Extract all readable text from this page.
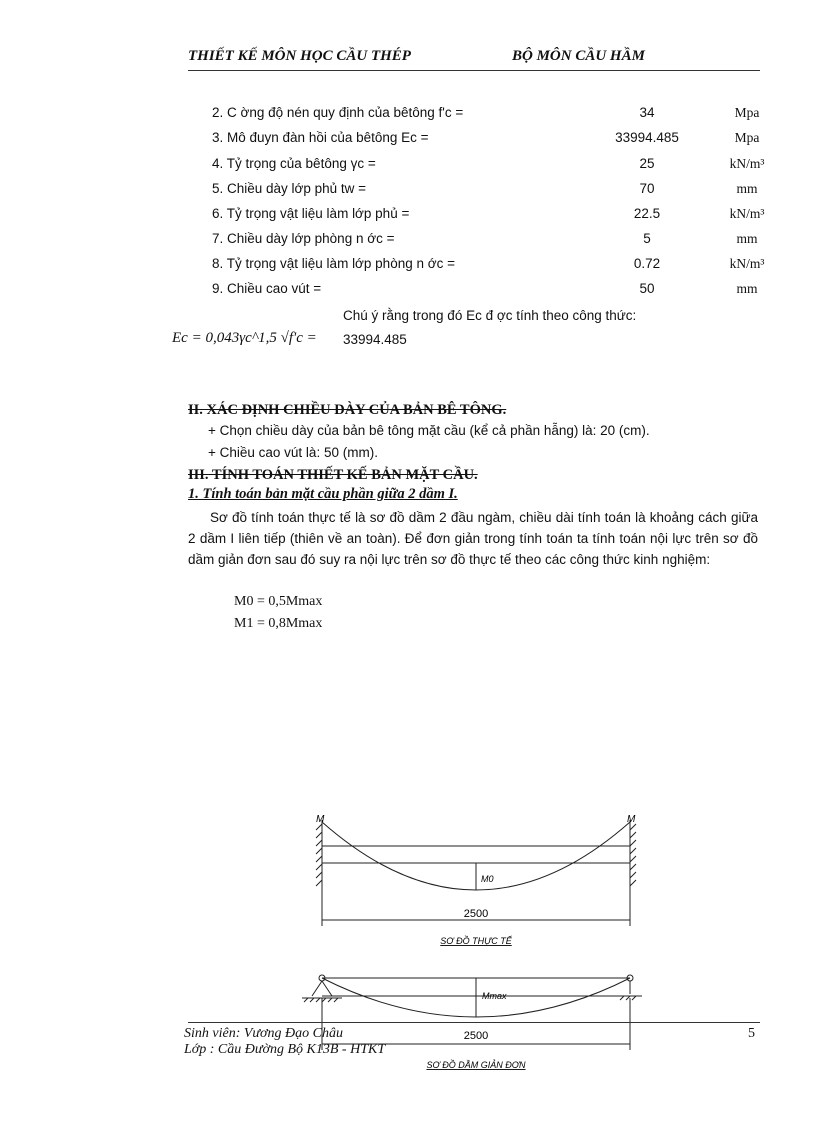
THIẾT KẾ MÔN HỌC CẦU THÉP	BỘ MÔN CẦU HẦM
2. C ờng độ nén quy định của bêtông f'c =	34	Mpa
3. Mô đuyn đàn hồi của bêtông Ec =	33994.485	Mpa
4. Tỷ trọng của bêtông γc =	25	kN/m³
5. Chiều dày lớp phủ tw =	70	mm
6. Tỷ trọng vật liệu làm lớp phủ =	22.5	kN/m³
7. Chiều dày lớp phòng n ớc =	5	mm
8. Tỷ trọng vật liệu làm lớp phòng n ớc =	0.72	kN/m³
9. Chiều cao vút =	50	mm
Chú ý rằng trong đó Ec đ ợc tính theo công thức:
Ec = 0,043γc^1,5 √f'c = 33994.485
II. XÁC ĐỊNH CHIỀU DÀY CỦA BẢN BÊ TÔNG.
+ Chọn chiều dày của bản bê tông mặt cầu (kể cả phần hẫng) là: 20 (cm).
+ Chiều cao vút là: 50 (mm).
III. TÍNH TOÁN THIẾT KẾ BẢN MẶT CẦU.
1. Tính toán bản mặt cầu phần giữa 2 dầm I.
Sơ đồ tính toán thực tế là sơ đồ dầm 2 đầu ngàm, chiều dài tính toán là khoảng cách giữa 2 dầm I liên tiếp (thiên về an toàn). Để đơn giản trong tính toán ta tính toán nội lực trên sơ đồ dầm giản đơn sau đó suy ra nội lực trên sơ đồ thực tế theo các công thức kinh nghiệm:
M0 = 0,5Mmax
M1 = 0,8Mmax
M	M
M0
2500
SƠ ĐỒ THỰC TẾ
Mmax
2500
SƠ ĐỒ DẦM GIẢN ĐƠN
Sinh viên: Vương Đạo Châu
Lớp : Cầu Đường Bộ K13B - HTKT
5
